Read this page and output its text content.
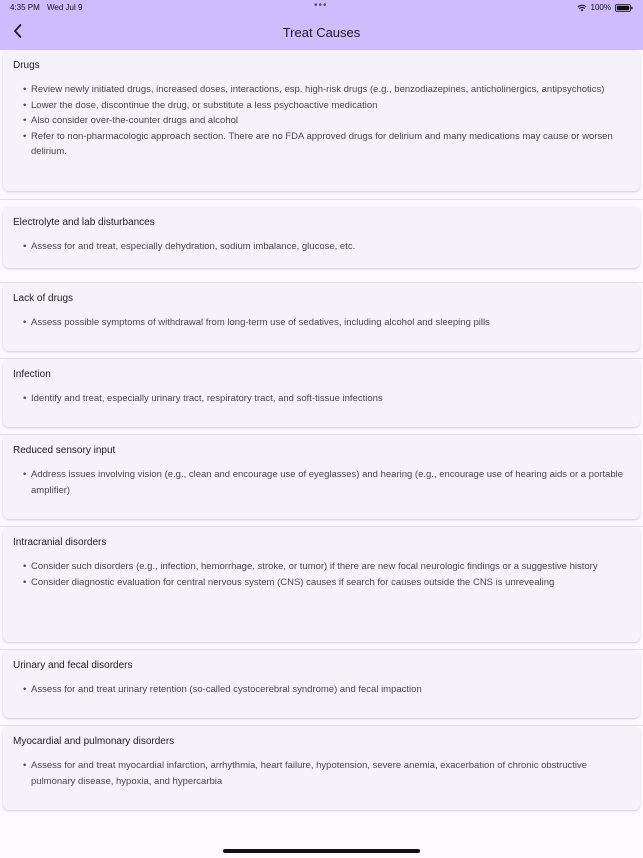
4:35 PM Wed Jul 9	•••	100%
Treat Causes
Drugs
• Review newly initiated drugs, increased doses, interactions, esp. high-risk drugs (e.g., benzodiazepines, anticholinergics, antipsychotics)
• Lower the dose, discontinue the drug, or substitute a less psychoactive medication
• Also consider over-the-counter drugs and alcohol
• Refer to non-pharmacologic approach section. There are no FDA approved drugs for delirium and many medications may cause or worsen delirium.
Electrolyte and lab disturbances
• Assess for and treat, especially dehydration, sodium imbalance, glucose, etc.
Lack of drugs
• Assess possible symptoms of withdrawal from long-term use of sedatives, including alcohol and sleeping pills
Infection
• Identify and treat, especially urinary tract, respiratory tract, and soft-tissue infections
Reduced sensory input
• Address issues involving vision (e.g., clean and encourage use of eyeglasses) and hearing (e.g., encourage use of hearing aids or a portable amplifier)
Intracranial disorders
• Consider such disorders (e.g., infection, hemorrhage, stroke, or tumor) if there are new focal neurologic findings or a suggestive history
• Consider diagnostic evaluation for central nervous system (CNS) causes if search for causes outside the CNS is unrevealing
Urinary and fecal disorders
• Assess for and treat urinary retention (so-called cystocerebral syndrome) and fecal impaction
Myocardial and pulmonary disorders
• Assess for and treat myocardial infarction, arrhythmia, heart failure, hypotension, severe anemia, exacerbation of chronic obstructive pulmonary disease, hypoxia, and hypercarbia
